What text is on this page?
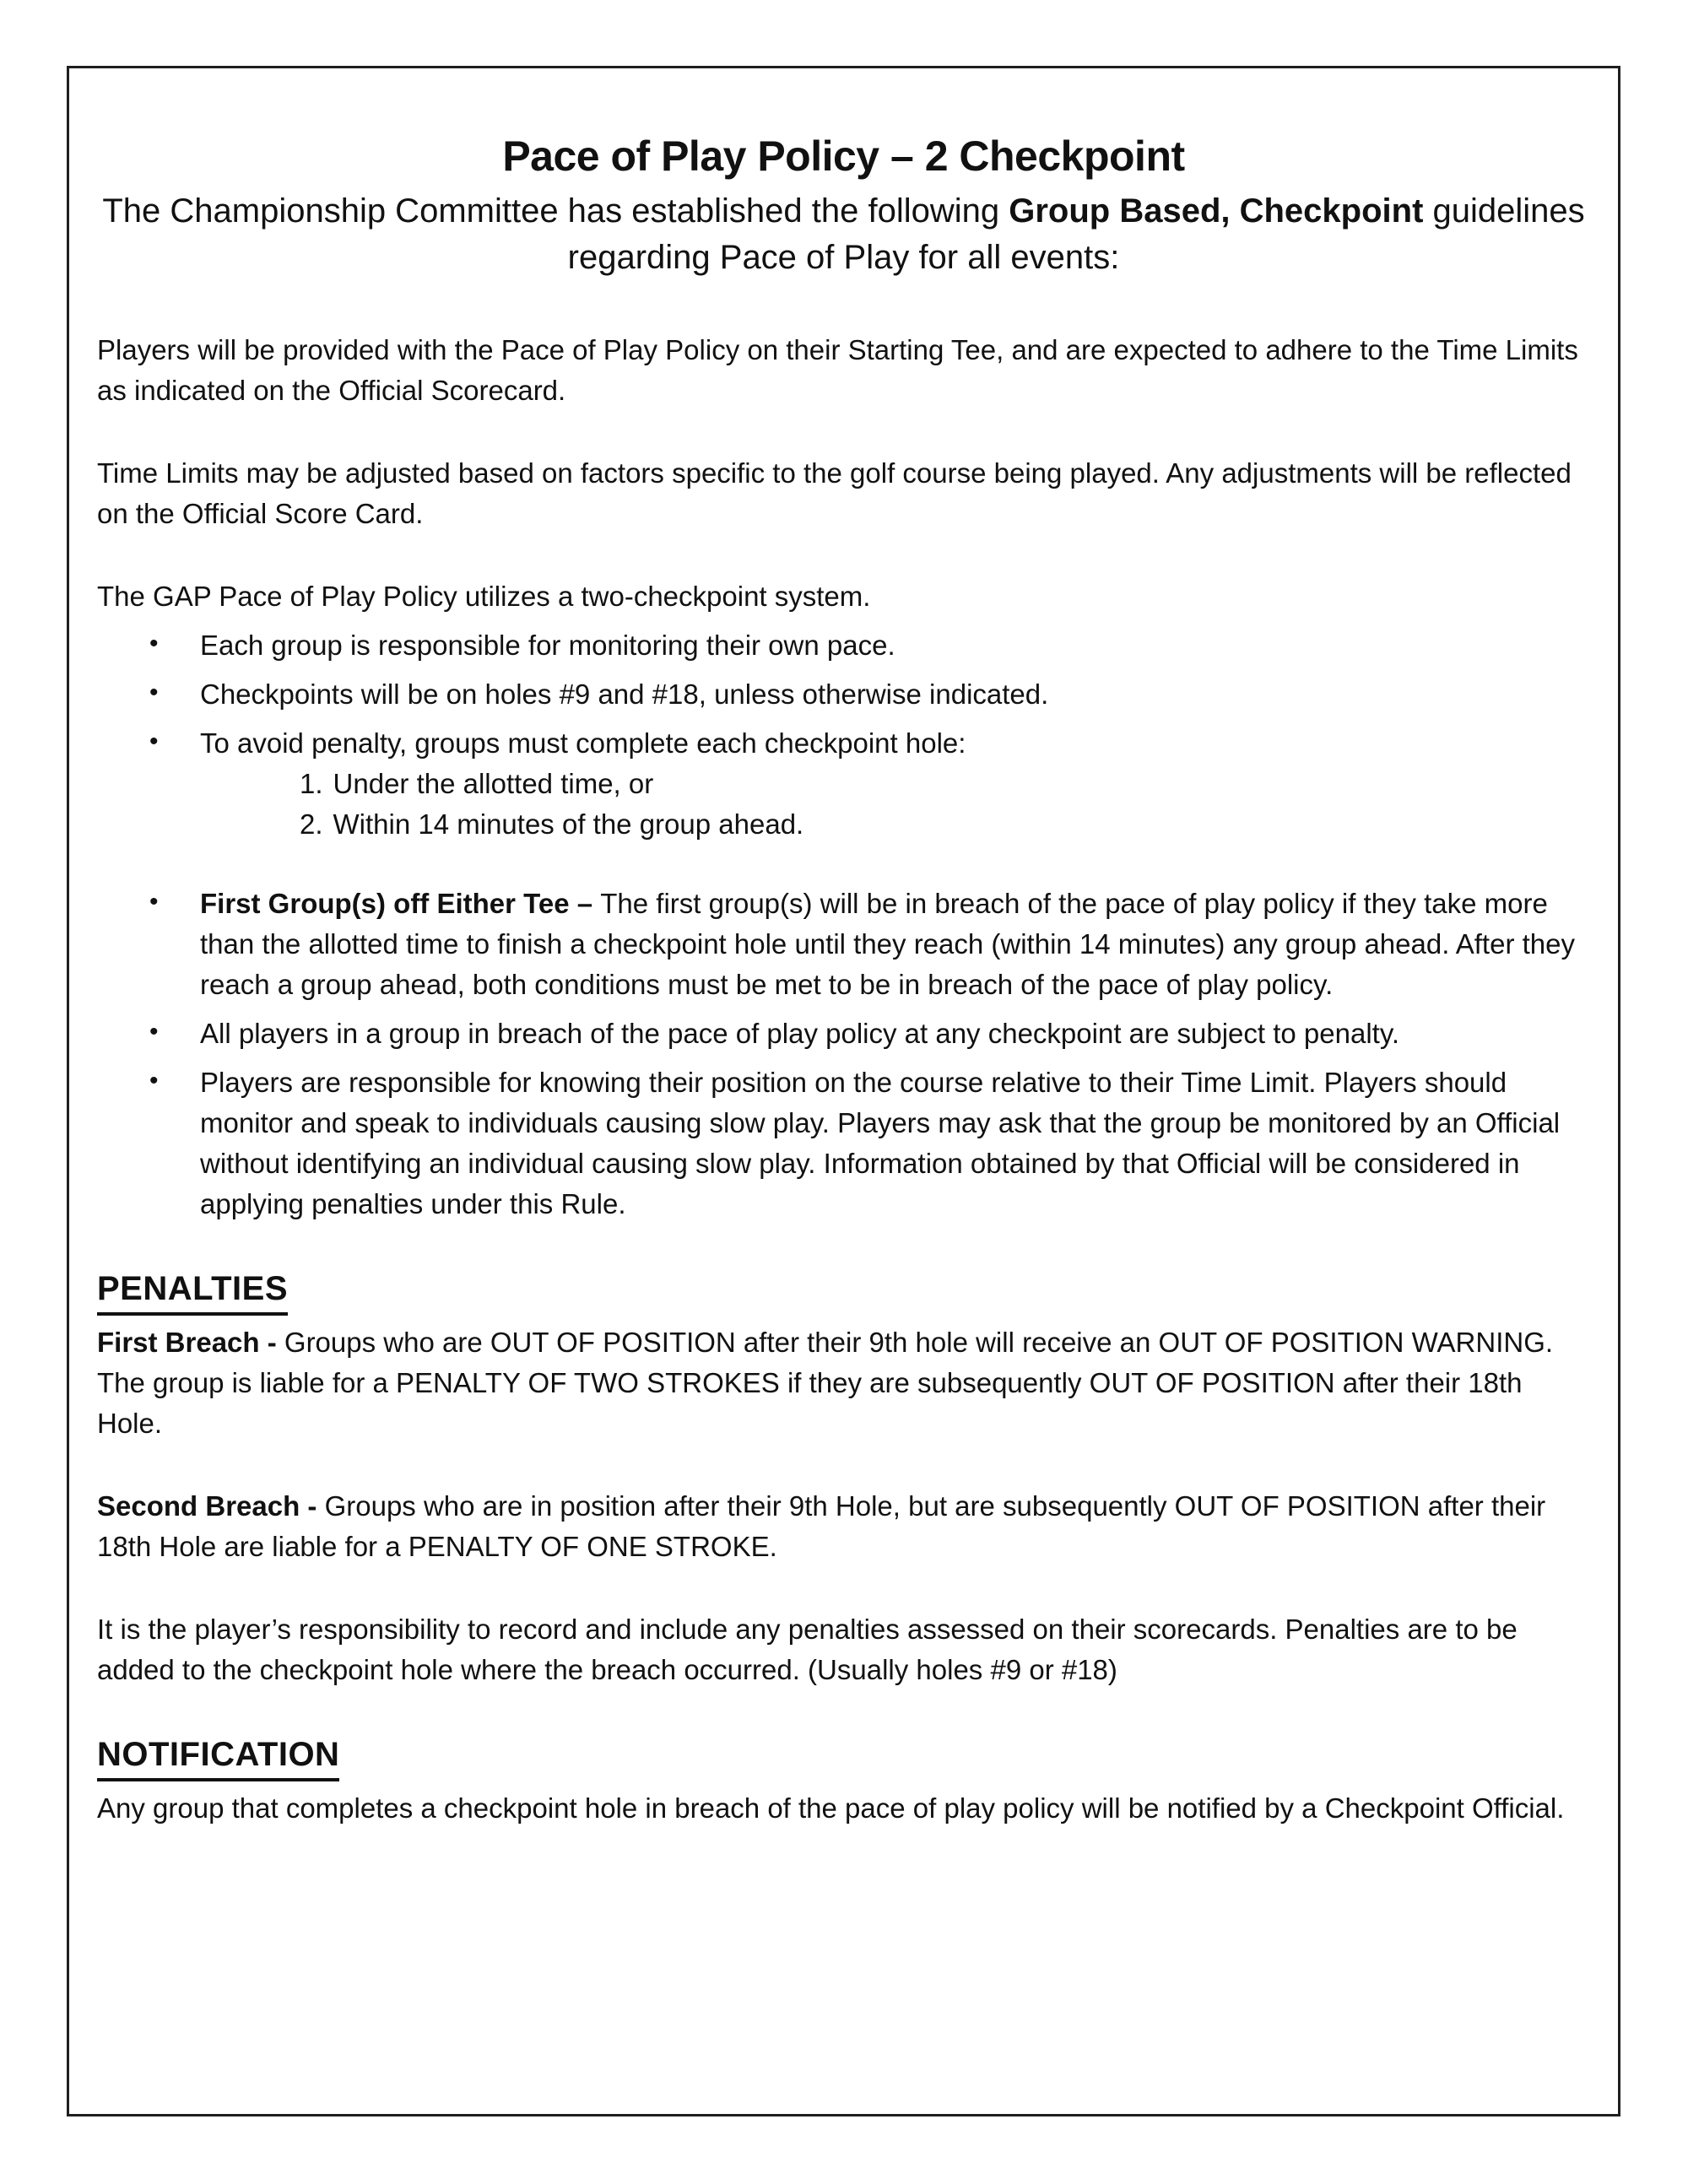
Pace of Play Policy – 2 Checkpoint
The Championship Committee has established the following Group Based, Checkpoint guidelines regarding Pace of Play for all events:

Players will be provided with the Pace of Play Policy on their Starting Tee, and are expected to adhere to the Time Limits as indicated on the Official Scorecard.

Time Limits may be adjusted based on factors specific to the golf course being played. Any adjustments will be reflected on the Official Score Card.

The GAP Pace of Play Policy utilizes a two-checkpoint system.

• Each group is responsible for monitoring their own pace.
• Checkpoints will be on holes #9 and #18, unless otherwise indicated.
• To avoid penalty, groups must complete each checkpoint hole:
1. Under the allotted time, or
2. Within 14 minutes of the group ahead.
• First Group(s) off Either Tee – The first group(s) will be in breach of the pace of play policy if they take more than the allotted time to finish a checkpoint hole until they reach (within 14 minutes) any group ahead. After they reach a group ahead, both conditions must be met to be in breach of the pace of play policy.
• All players in a group in breach of the pace of play policy at any checkpoint are subject to penalty.
• Players are responsible for knowing their position on the course relative to their Time Limit. Players should monitor and speak to individuals causing slow play. Players may ask that the group be monitored by an Official without identifying an individual causing slow play. Information obtained by that Official will be considered in applying penalties under this Rule.
PENALTIES

First Breach - Groups who are OUT OF POSITION after their 9th hole will receive an OUT OF POSITION WARNING. The group is liable for a PENALTY OF TWO STROKES if they are subsequently OUT OF POSITION after their 18th Hole.

Second Breach - Groups who are in position after their 9th Hole, but are subsequently OUT OF POSITION after their 18th Hole are liable for a PENALTY OF ONE STROKE.

It is the player’s responsibility to record and include any penalties assessed on their scorecards. Penalties are to be added to the checkpoint hole where the breach occurred. (Usually holes #9 or #18)

NOTIFICATION

Any group that completes a checkpoint hole in breach of the pace of play policy will be notified by a Checkpoint Official.
